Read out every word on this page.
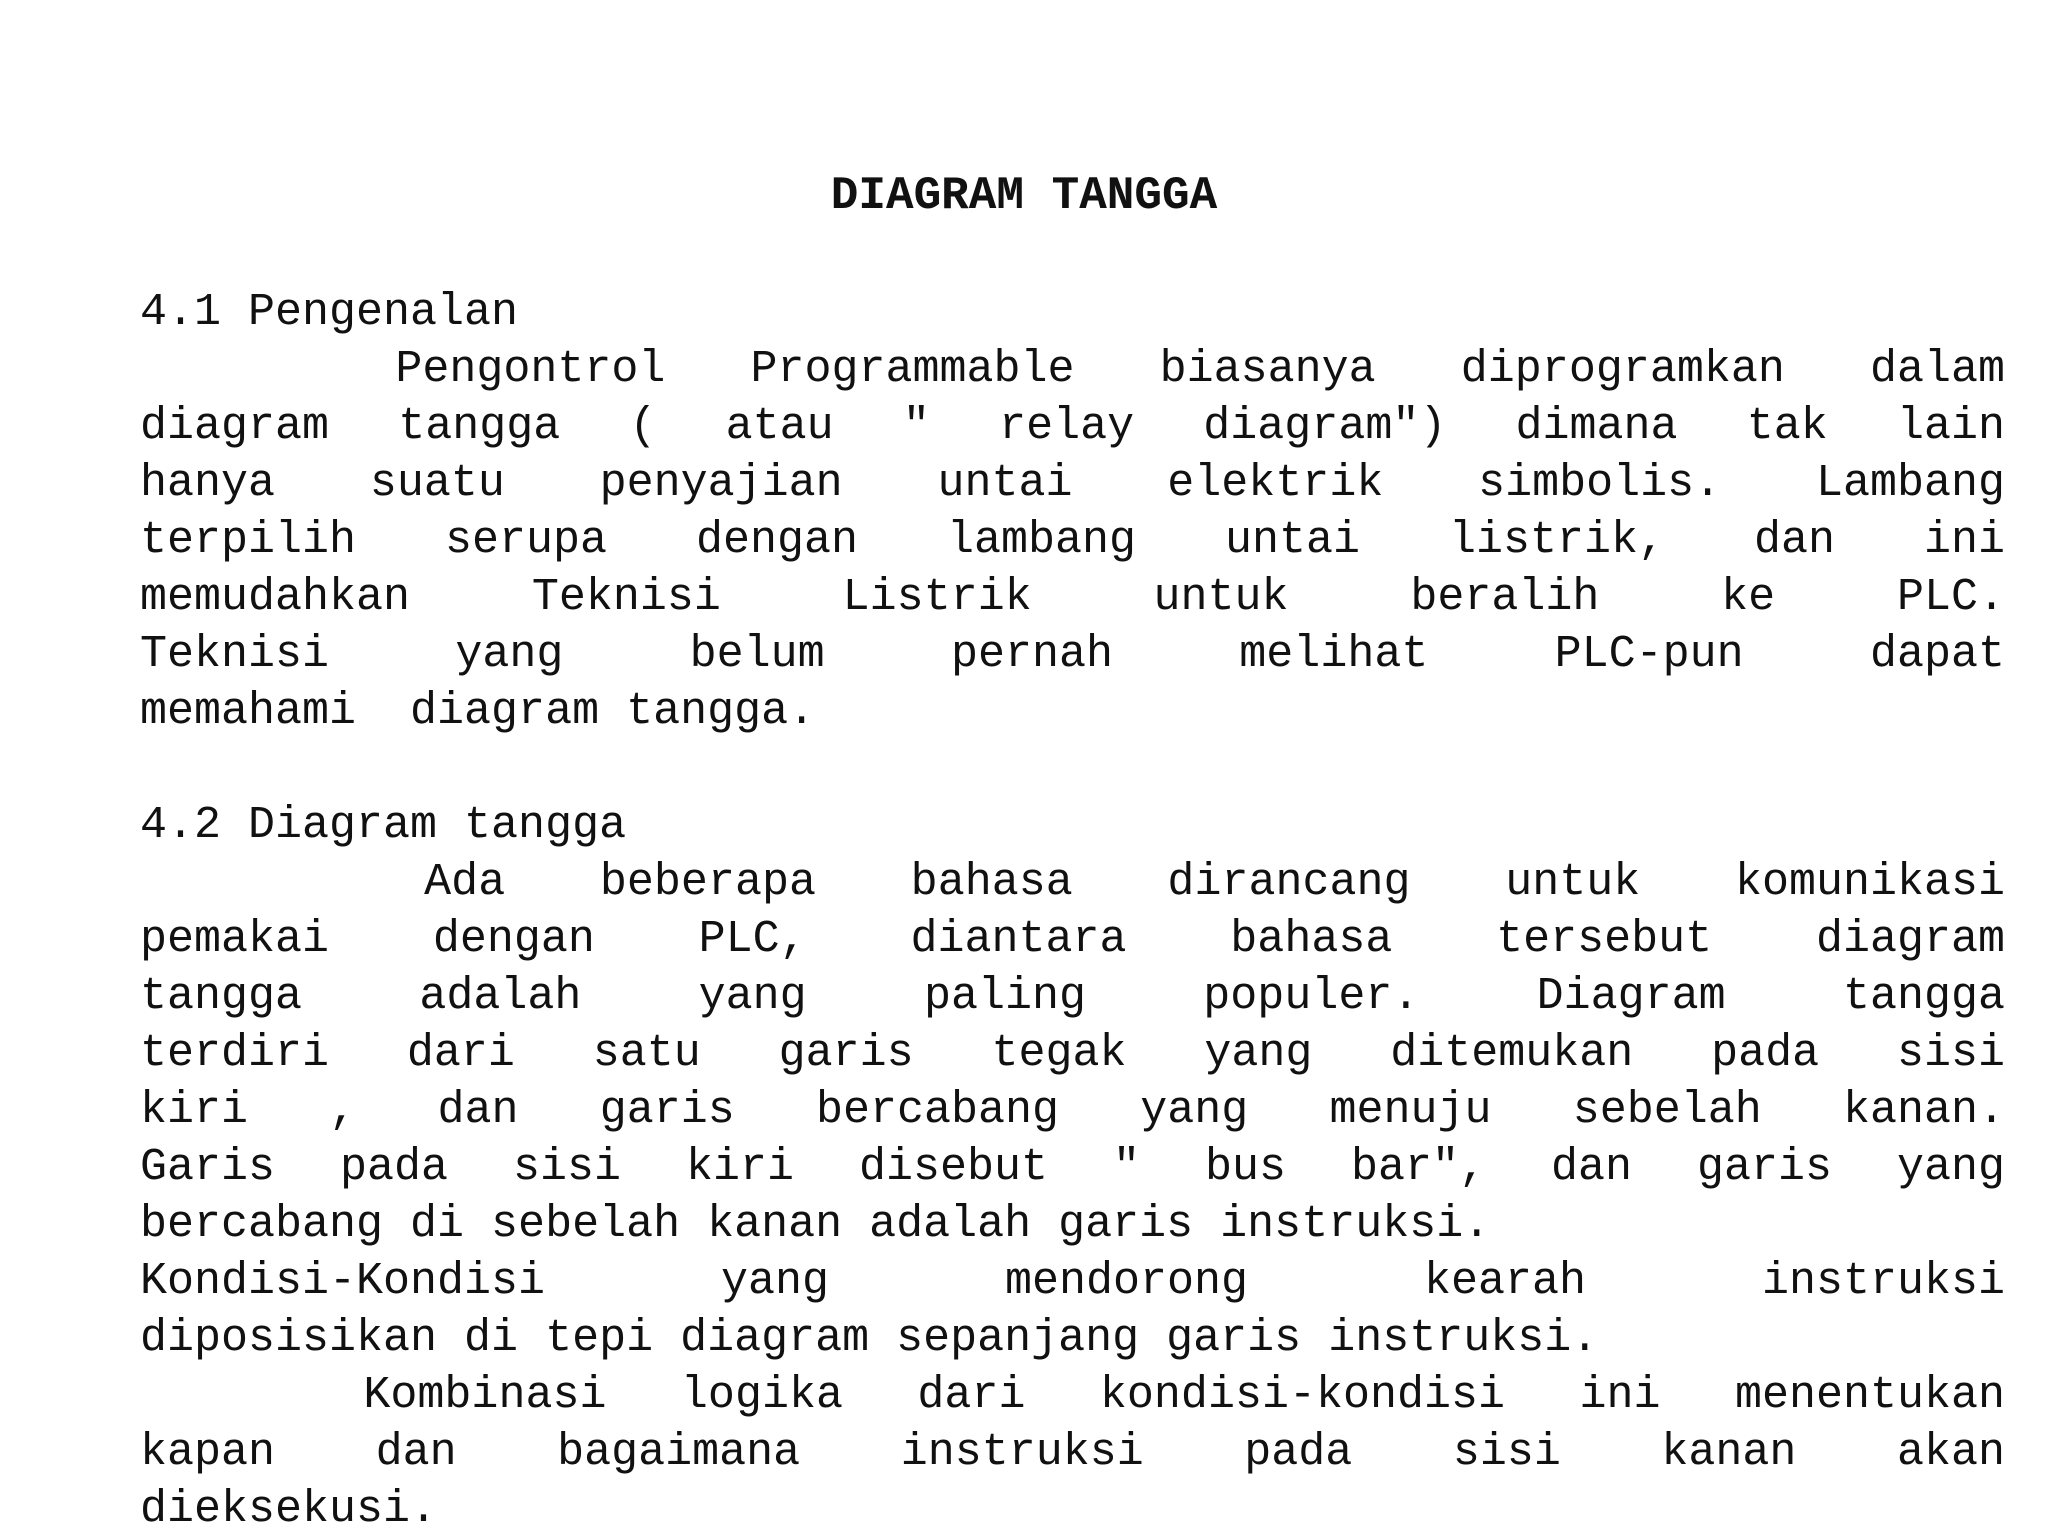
DIAGRAM TANGGA
4.1 Pengenalan

Pengontrol Programmable biasanya diprogramkan dalam
diagram tangga ( atau " relay diagram") dimana tak lain
hanya suatu penyajian untai elektrik simbolis. Lambang
terpilih serupa dengan lambang untai listrik, dan ini
memudahkan Teknisi Listrik untuk beralih ke PLC.
Teknisi yang belum pernah melihat PLC-pun dapat
memahami  diagram tangga.

4.2 Diagram tangga

Ada beberapa bahasa dirancang untuk komunikasi
pemakai dengan PLC, diantara bahasa tersebut diagram
tangga adalah yang paling populer. Diagram tangga
terdiri dari satu garis tegak yang ditemukan pada sisi
kiri , dan garis bercabang yang menuju sebelah kanan.
Garis pada sisi kiri disebut " bus bar", dan garis yang
bercabang di sebelah kanan adalah garis instruksi.
Kondisi-Kondisi yang mendorong kearah instruksi
diposisikan di tepi diagram sepanjang garis instruksi.

Kombinasi logika dari kondisi-kondisi ini menentukan
kapan dan bagaimana instruksi pada sisi kanan akan
dieksekusi.
